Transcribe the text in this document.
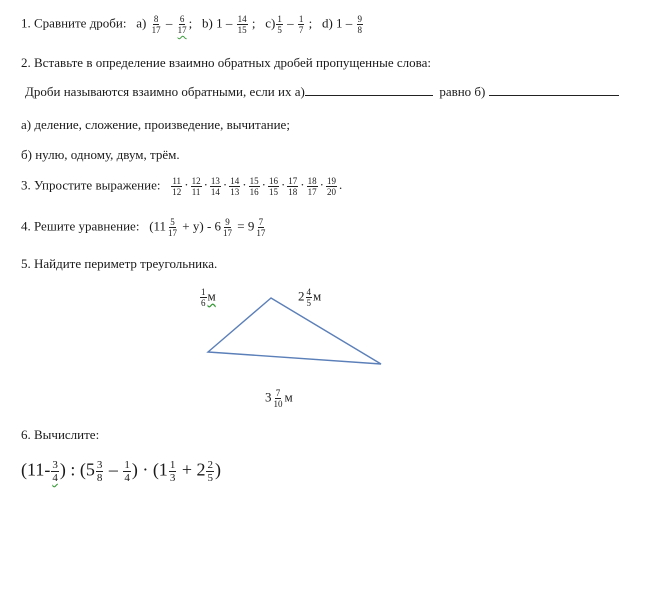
1. Сравните дроби: $а) \frac{8}{17} - \frac{6}{17}$ ; b) $1 - \frac{14}{15}$ ; $c) \frac{1}{5} - \frac{1}{7}$ ; d) $1 - \frac{9}{8}$
2. Вставьте в определение взаимно обратных дробей пропущенные слова:
Дроби называются взаимно обратными, если их а)	равно б)
а) деление, сложение, произведение, вычитание;
б) нулю, одному, двум, трём.
3. Упростите выражение: $\frac{11}{12} \cdot \frac{12}{11} \cdot \frac{13}{14} \cdot \frac{14}{13} \cdot \frac{15}{16} \cdot \frac{16}{15} \cdot \frac{17}{18} \cdot \frac{18}{17} \cdot \frac{19}{20}$ .
4. Решите уравнение: $(11 \frac{5}{17} + y) - 6 \frac{9}{17} = 9 \frac{7}{17}$
5. Найдите периметр треугольника.
$\frac{1}{6}$ м	$2 \frac{4}{5}$ м
$3 \frac{7}{10}$ м
6. Вычислите:
($11- \frac{3}{4}$ ) : ($5 \frac{3}{8} - \frac{1}{4}$ ) · ($1 \frac{1}{3} + 2 \frac{2}{5}$ )
